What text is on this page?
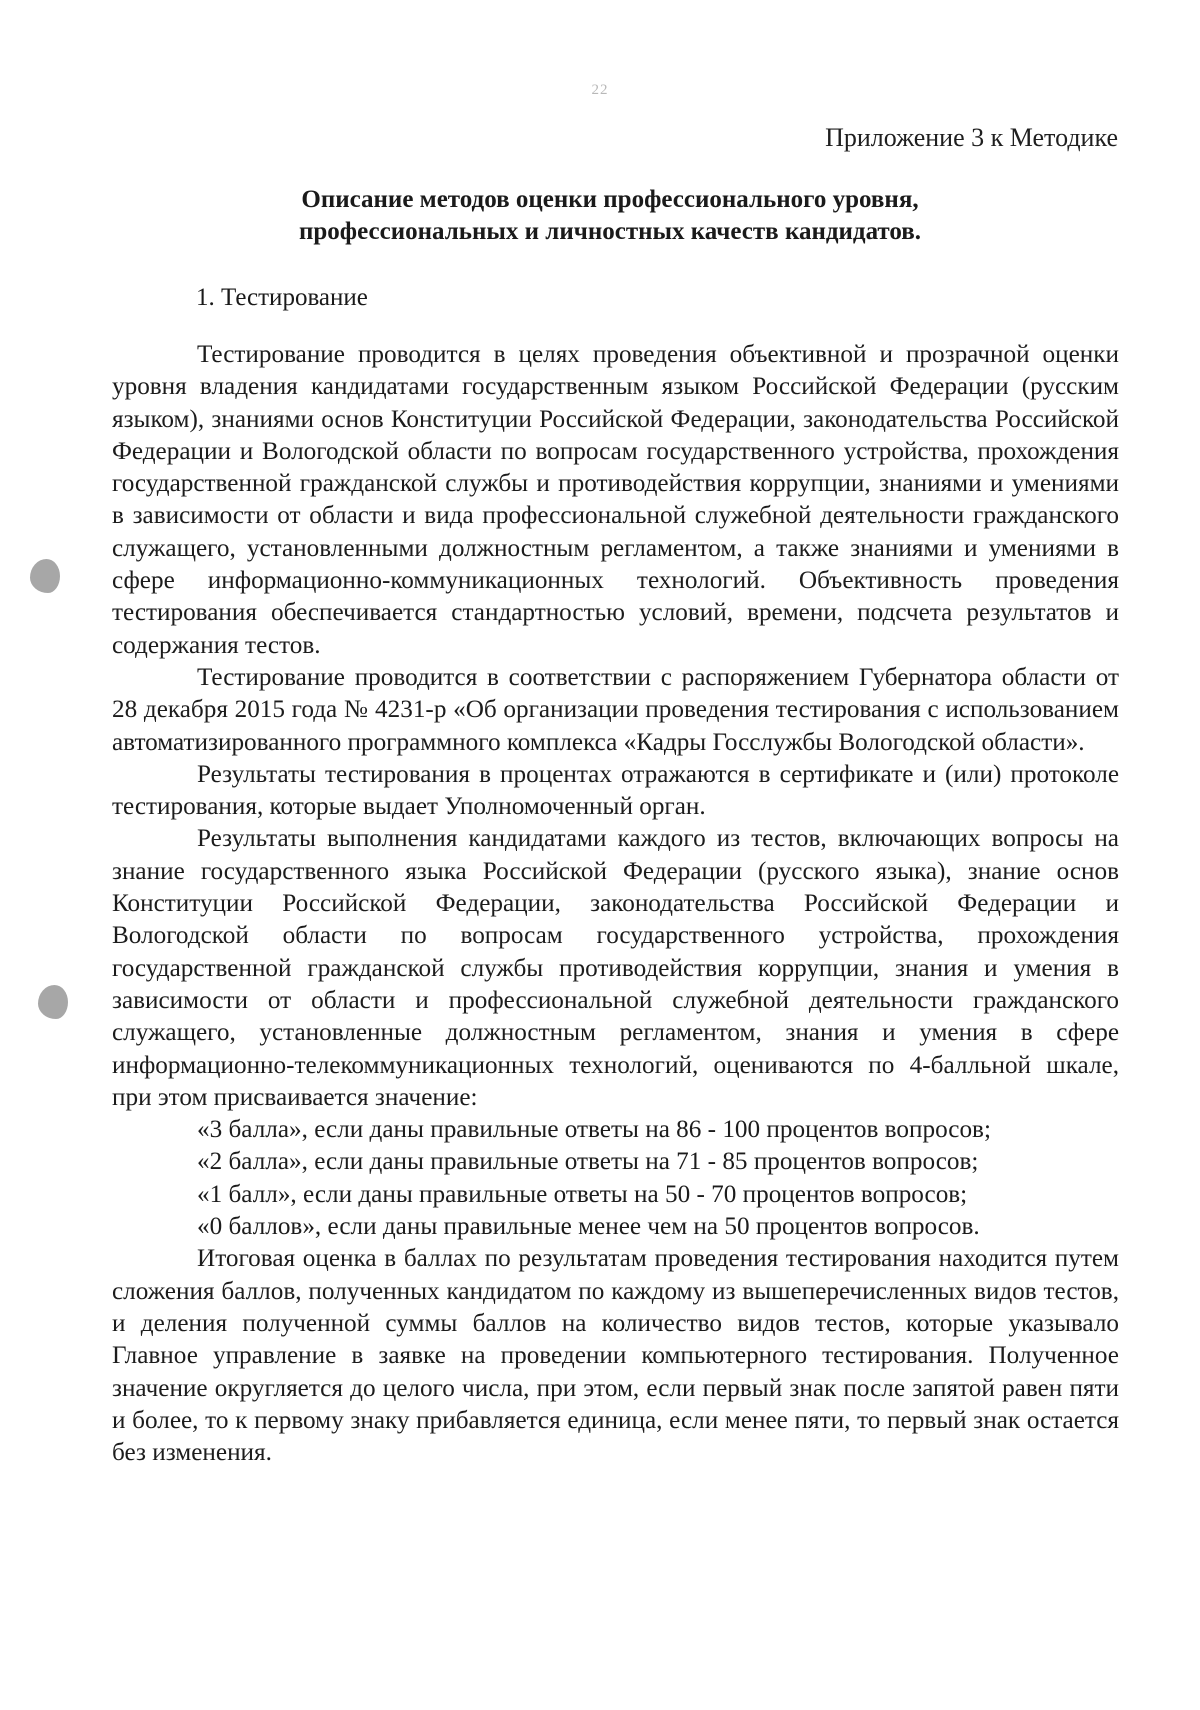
22
Приложение 3 к Методике
Описание методов оценки профессионального уровня,
профессиональных и личностных качеств кандидатов.
1. Тестирование

Тестирование проводится в целях проведения объективной и прозрачной оценки уровня владения кандидатами государственным языком Российской Федерации (русским языком), знаниями основ Конституции Российской Федерации, законодательства Российской Федерации и Вологодской области по вопросам государственного устройства, прохождения государственной гражданской службы и противодействия коррупции, знаниями и умениями в зависимости от области и вида профессиональной служебной деятельности гражданского служащего, установленными должностным регламентом, а также знаниями и умениями в сфере информационно-коммуникационных технологий. Объективность проведения тестирования обеспечивается стандартностью условий, времени, подсчета результатов и содержания тестов.

Тестирование проводится в соответствии с распоряжением Губернатора области от 28 декабря 2015 года № 4231-р «Об организации проведения тестирования с использованием автоматизированного программного комплекса «Кадры Госслужбы Вологодской области».

Результаты тестирования в процентах отражаются в сертификате и (или) протоколе тестирования, которые выдает Уполномоченный орган.

Результаты выполнения кандидатами каждого из тестов, включающих вопросы на знание государственного языка Российской Федерации (русского языка), знание основ Конституции Российской Федерации, законодательства Российской Федерации и Вологодской области по вопросам государственного устройства, прохождения государственной гражданской службы противодействия коррупции, знания и умения в зависимости от области и профессиональной служебной деятельности гражданского служащего, установленные должностным регламентом, знания и умения в сфере информационно-телекоммуникационных технологий, оцениваются по 4-балльной шкале, при этом присваивается значение:

«3 балла», если даны правильные ответы на 86 - 100 процентов вопросов;

«2 балла», если даны правильные ответы на 71 - 85 процентов вопросов;

«1 балл», если даны правильные ответы на 50 - 70 процентов вопросов;

«0 баллов», если даны правильные менее чем на 50 процентов вопросов.

Итоговая оценка в баллах по результатам проведения тестирования находится путем сложения баллов, полученных кандидатом по каждому из вышеперечисленных видов тестов, и деления полученной суммы баллов на количество видов тестов, которые указывало Главное управление в заявке на проведении компьютерного тестирования. Полученное значение округляется до целого числа, при этом, если первый знак после запятой равен пяти и более, то к первому знаку прибавляется единица, если менее пяти, то первый знак остается без изменения.
